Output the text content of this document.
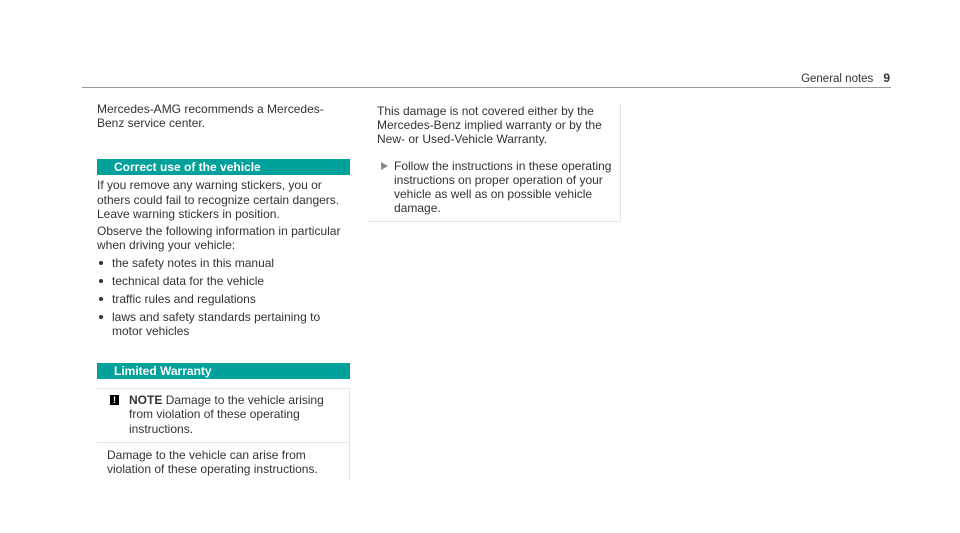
General notes 9

Mercedes-AMG recommends a Mercedes-Benz service center.

Correct use of the vehicle

If you remove any warning stickers, you or others could fail to recognize certain dangers. Leave warning stickers in position.

Observe the following information in particular when driving your vehicle:

the safety notes in this manual
technical data for the vehicle
traffic rules and regulations
laws and safety standards pertaining to motor vehicles
Limited Warranty
!	NOTE Damage to the vehicle arising from violation of these operating instructions.

Damage to the vehicle can arise from violation of these operating instructions.

This damage is not covered either by the Mercedes-Benz implied warranty or by the New- or Used-Vehicle Warranty.

Follow the instructions in these operating instructions on proper operation of your vehicle as well as on possible vehicle damage.
